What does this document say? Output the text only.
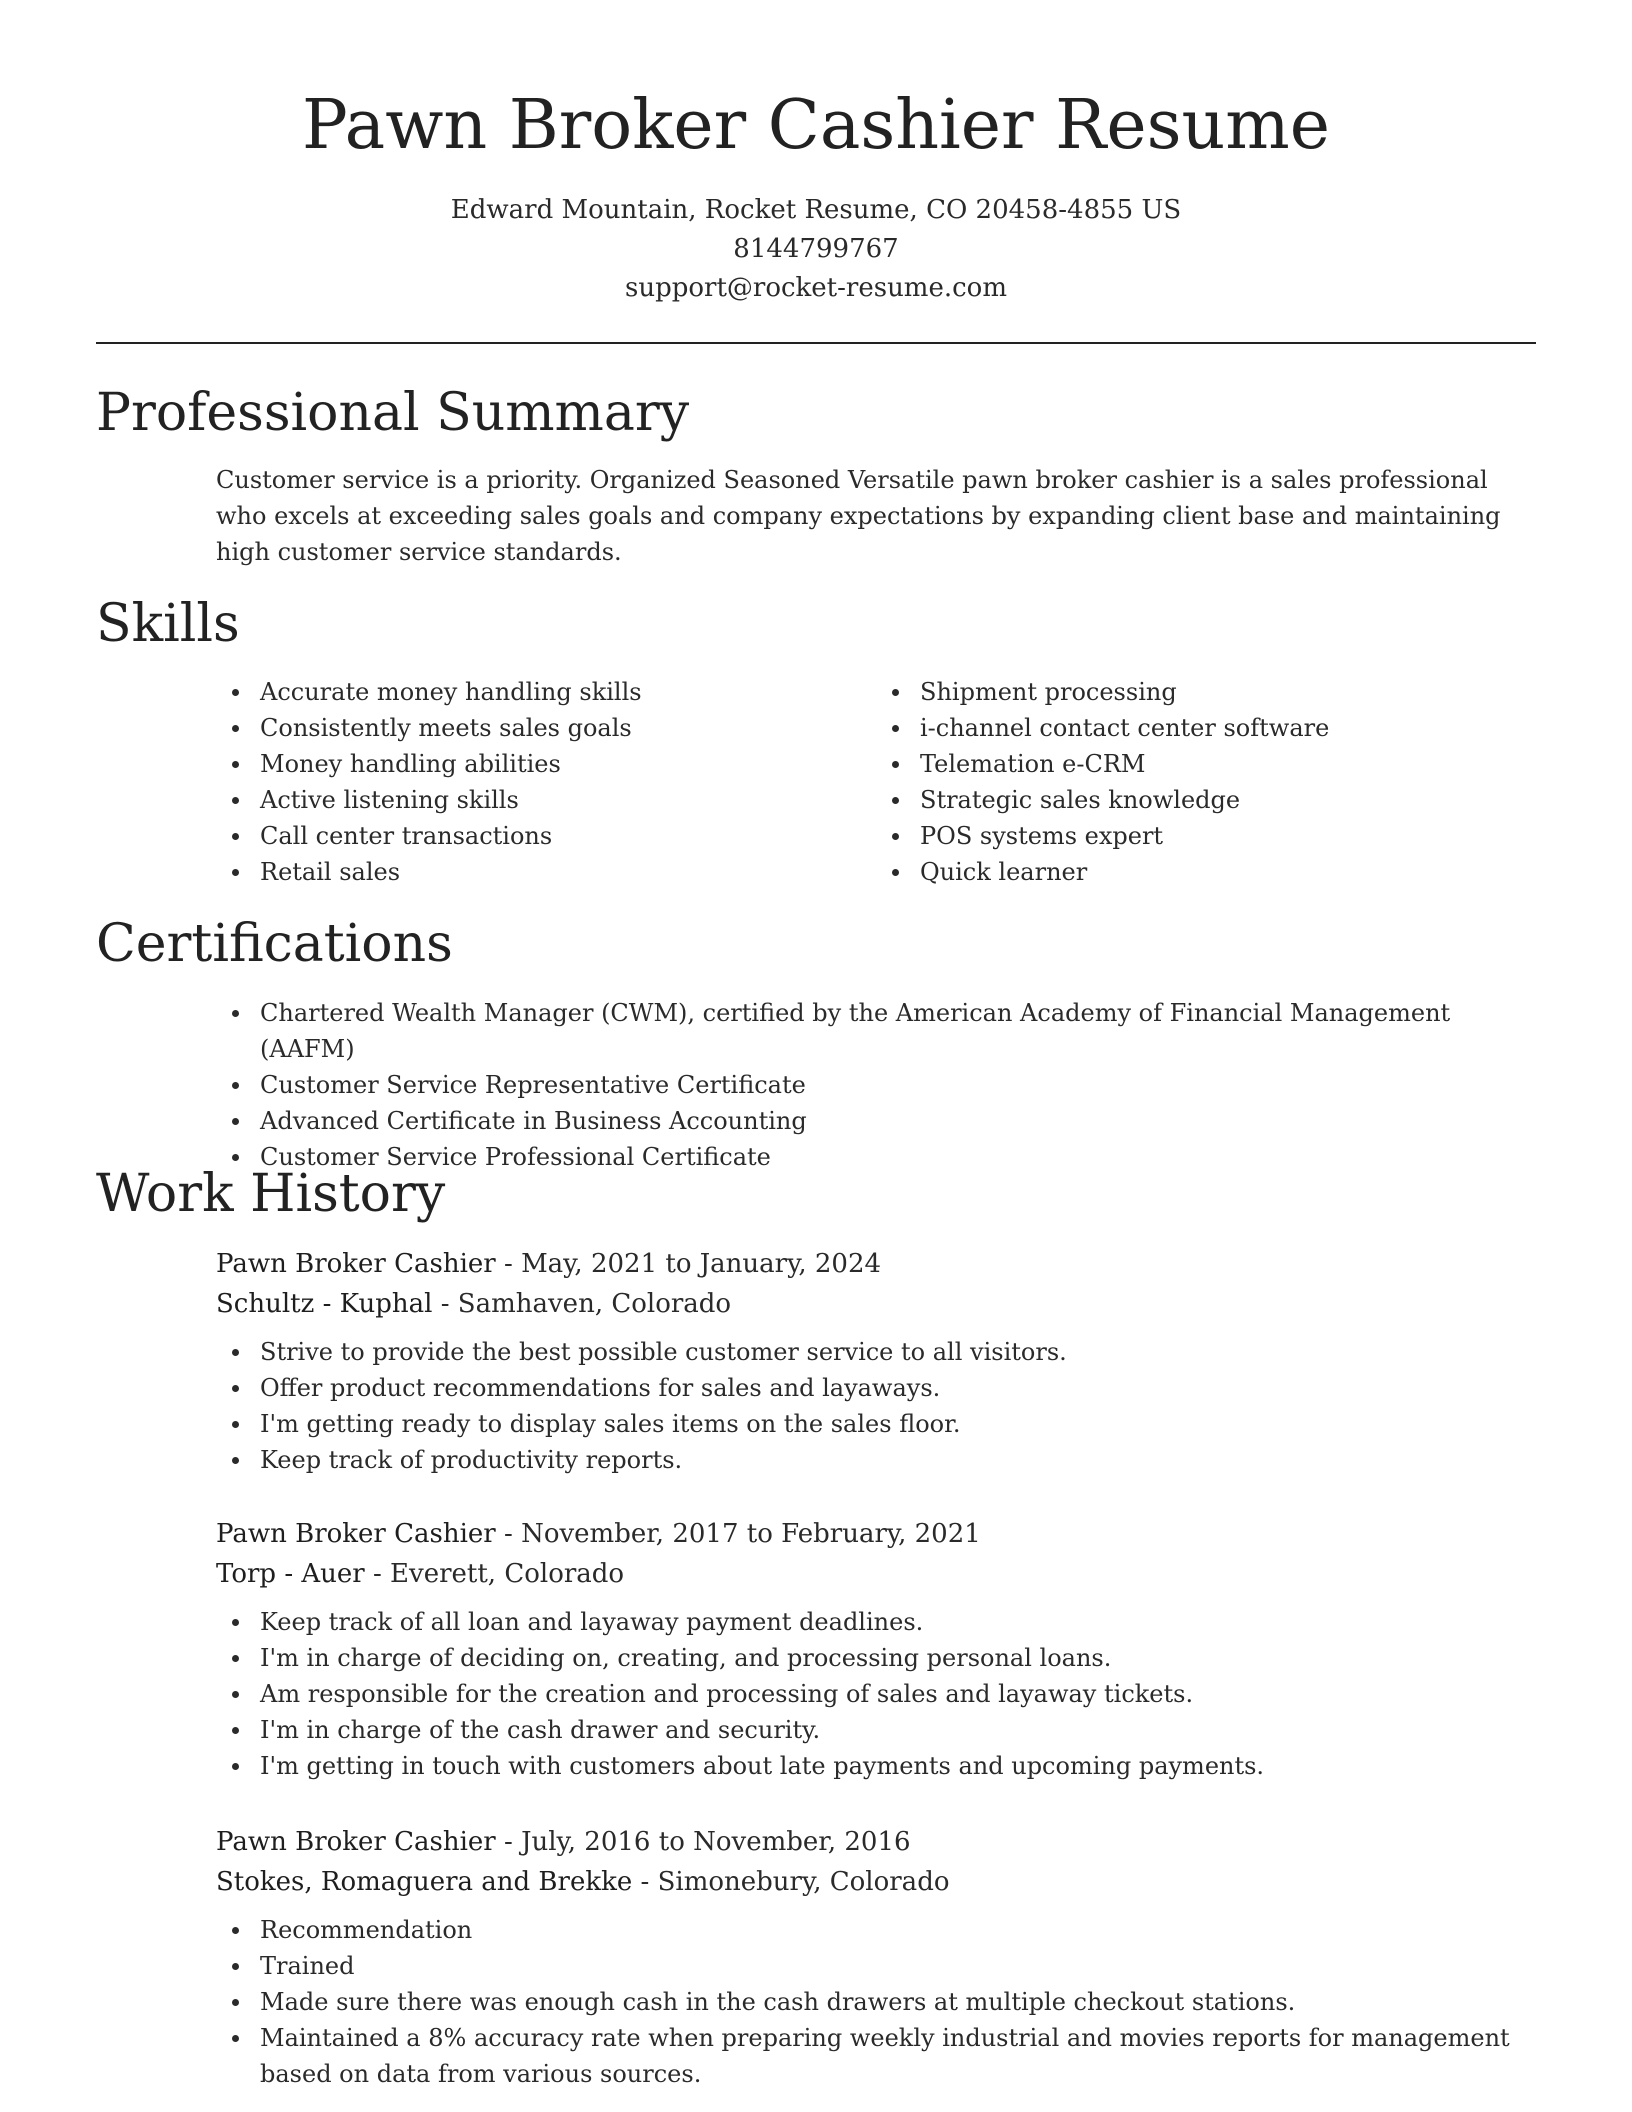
Pawn Broker Cashier Resume
Edward Mountain, Rocket Resume, CO 20458-4855 US
8144799767
support@rocket-resume.com
Professional Summary
Customer service is a priority. Organized Seasoned Versatile pawn broker cashier is a sales professional who excels at exceeding sales goals and company expectations by expanding client base and maintaining high customer service standards.
Skills
Accurate money handling skills
Consistently meets sales goals
Money handling abilities
Active listening skills
Call center transactions
Retail sales
Shipment processing
i-channel contact center software
Telemation e-CRM
Strategic sales knowledge
POS systems expert
Quick learner
Certifications
Chartered Wealth Manager (CWM), certified by the American Academy of Financial Management (AAFM)
Customer Service Representative Certificate
Advanced Certificate in Business Accounting
Customer Service Professional Certificate
Work History
Pawn Broker Cashier - May, 2021 to January, 2024
Schultz - Kuphal - Samhaven, Colorado
Strive to provide the best possible customer service to all visitors.
Offer product recommendations for sales and layaways.
I'm getting ready to display sales items on the sales floor.
Keep track of productivity reports.
Pawn Broker Cashier - November, 2017 to February, 2021
Torp - Auer - Everett, Colorado
Keep track of all loan and layaway payment deadlines.
I'm in charge of deciding on, creating, and processing personal loans.
Am responsible for the creation and processing of sales and layaway tickets.
I'm in charge of the cash drawer and security.
I'm getting in touch with customers about late payments and upcoming payments.
Pawn Broker Cashier - July, 2016 to November, 2016
Stokes, Romaguera and Brekke - Simonebury, Colorado
Recommendation
Trained
Made sure there was enough cash in the cash drawers at multiple checkout stations.
Maintained a 8% accuracy rate when preparing weekly industrial and movies reports for management based on data from various sources.
